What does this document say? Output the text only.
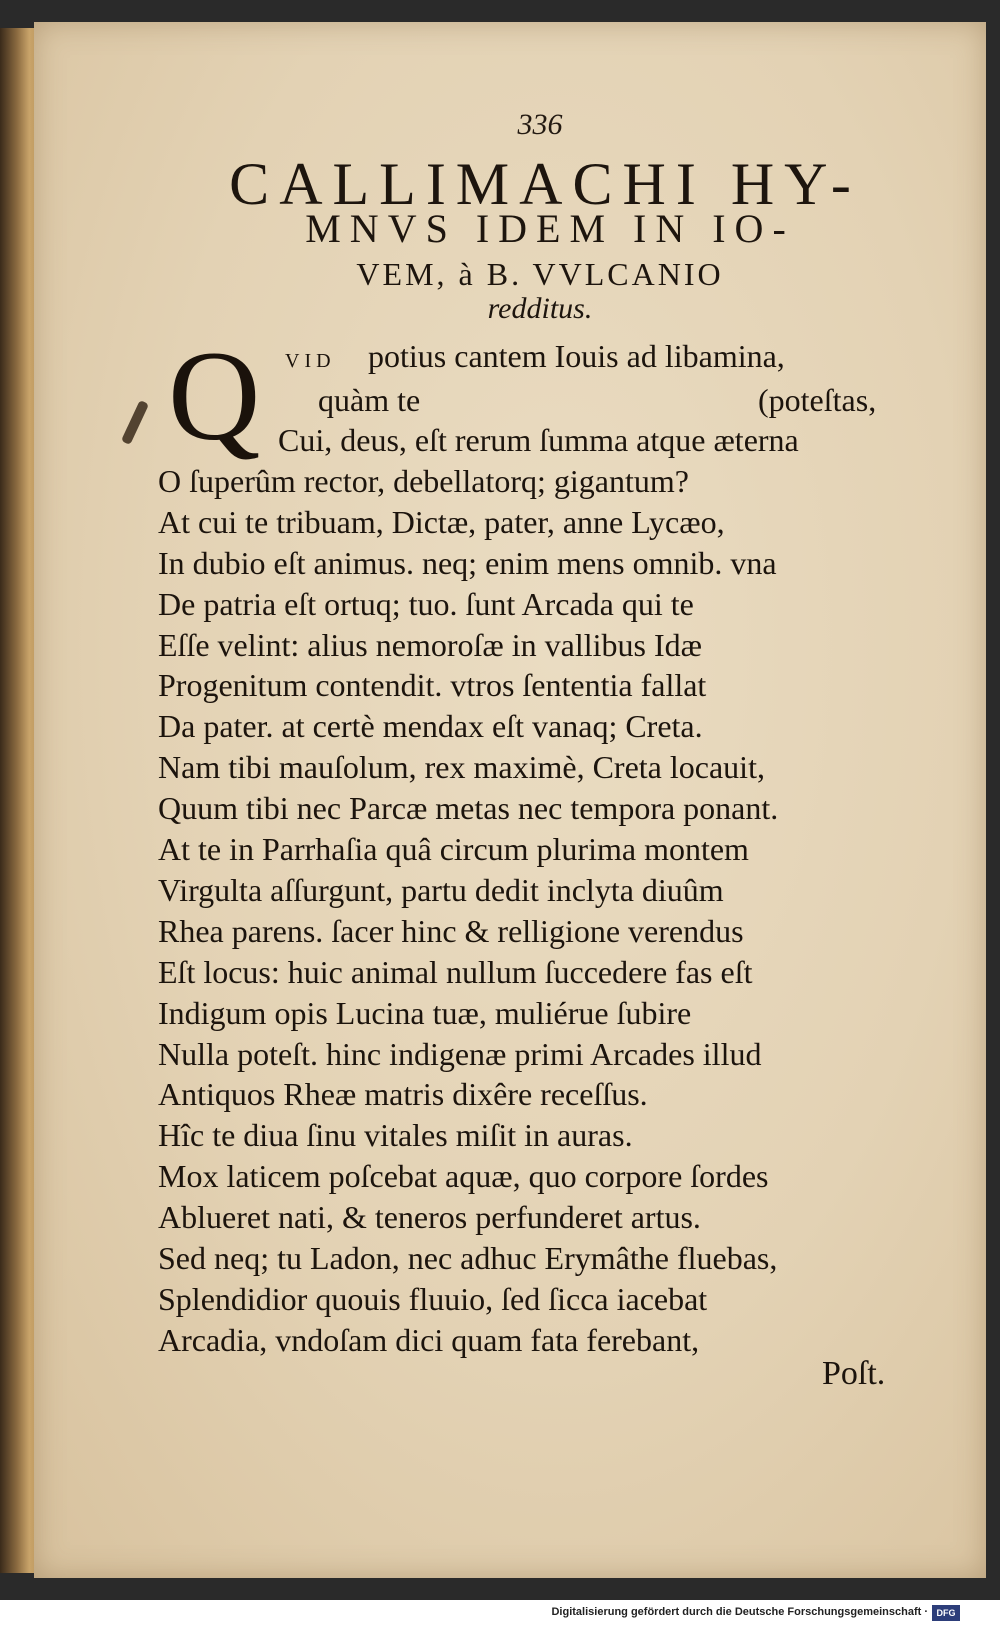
336
CALLIMACHI HY-
MNVS IDEM IN IO-
VEM, à B. VVLCANIO
redditus.
Q	VID potius cantem Iouis ad libamina,
quàm te	(poteſtas,
Cui, deus, eſt rerum ſumma atque æterna
O ſuperûm rector, debellatorq; gigantum?
At cui te tribuam, Dictæ, pater, anne Lycæo,
In dubio eſt animus. neq; enim mens omnib. vna
De patria eſt ortuq; tuo. ſunt Arcada qui te
Eſſe velint: alius nemoroſæ in vallibus Idæ
Progenitum contendit. vtros ſententia fallat
Da pater. at certè mendax eſt vanaq; Creta.
Nam tibi mauſolum, rex maximè, Creta locauit,
Quum tibi nec Parcæ metas nec tempora ponant.
At te in Parrhaſia quâ circum plurima montem
Virgulta aſſurgunt, partu dedit inclyta diuûm
Rhea parens. ſacer hinc & relligione verendus
Eſt locus: huic animal nullum ſuccedere fas eſt
Indigum opis Lucina tuæ, muliérue ſubire
Nulla poteſt. hinc indigenæ primi Arcades illud
Antiquos Rheæ matris dixêre receſſus.
Hîc te diua ſinu vitales miſit in auras.
Mox laticem poſcebat aquæ, quo corpore ſordes
Ablueret nati, & teneros perfunderet artus.
Sed neq; tu Ladon, nec adhuc Erymâthe fluebas,
Splendidior quouis fluuio, ſed ſicca iacebat
Arcadia, vndoſam dici quam fata ferebant,
Poſt.
Digitalisierung gefördert durch die Deutsche Forschungsgemeinschaft · DFG
